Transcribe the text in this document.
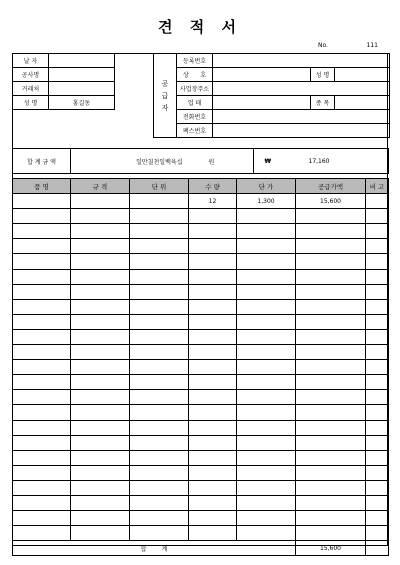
견 적 서
No.	111
날 자	
공사명	
거래처	
성 명	홍길동
공급자	등록번호			
	상      호		성 명	
	사업장주소			
	업 태		종 목	
	전화번호			
	팩스번호			
합 계 금 액	일만칠천일백육십	원	₩	17,160
품 명	규 격	단 위	수 량	단 가	공급가액	비 고
			12	1,300	15,600	

합        계					15,600	
